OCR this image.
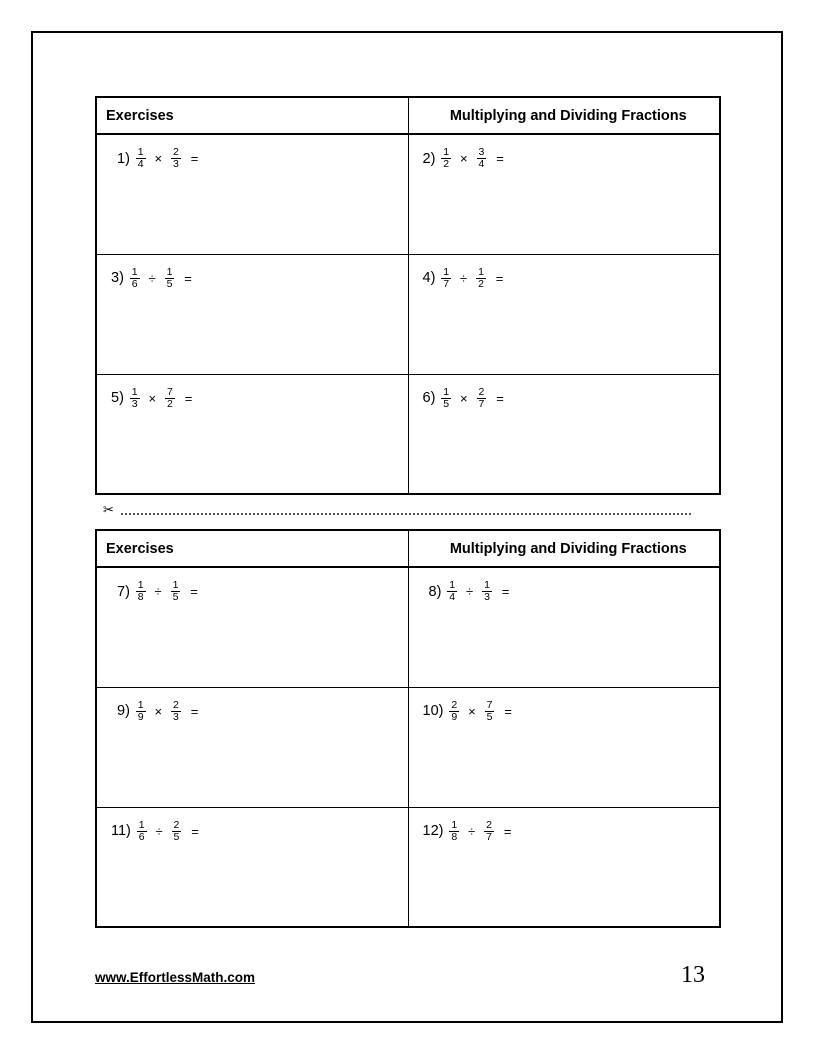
Exercises	Multiplying and Dividing Fractions

$1) \frac{1}{4} \times \frac{2}{3}$ =	$2) \frac{1}{2} \times \frac{3}{4}$ =

$3) \frac{1}{6} \div \frac{1}{5}$ =	$4) \frac{1}{7} \div \frac{1}{2}$ =

$5) \frac{1}{3} \times \frac{7}{2}$ =	$6) \frac{1}{5} \times \frac{2}{7}$ =
✂
Exercises	Multiplying and Dividing Fractions

$7) \frac{1}{8} \div \frac{1}{5}$ =	$8) \frac{1}{4} \div \frac{1}{3}$ =

$9) \frac{1}{9} \times \frac{2}{3}$ =	$10) \frac{2}{9} \times \frac{7}{5}$ =

$11) \frac{1}{6} \div \frac{2}{5}$ =	$12) \frac{1}{8} \div \frac{2}{7}$ =
www.EffortlessMath.com	13
